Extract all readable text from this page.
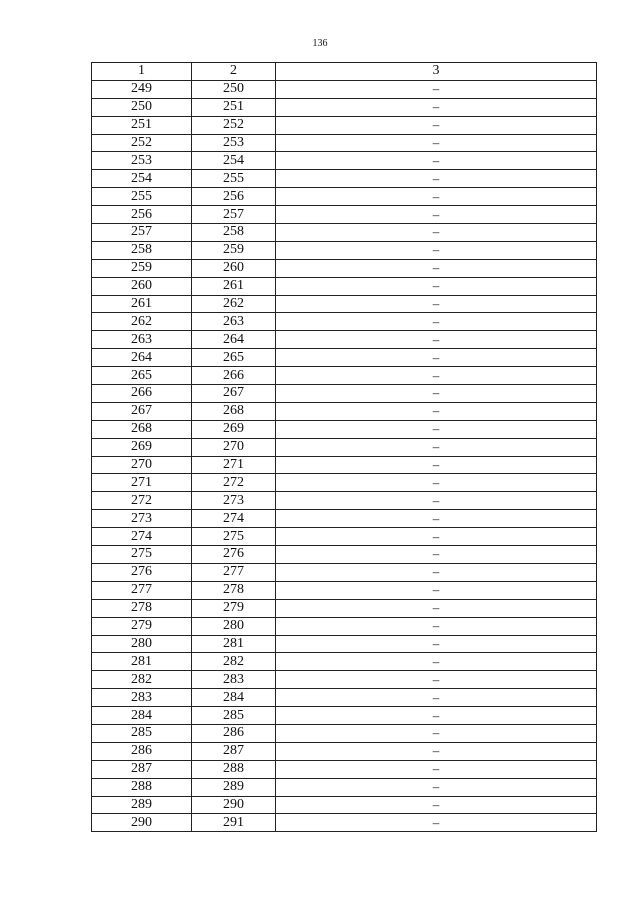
136
1	2	3
249	250	–
250	251	–
251	252	–
252	253	–
253	254	–
254	255	–
255	256	–
256	257	–
257	258	–
258	259	–
259	260	–
260	261	–
261	262	–
262	263	–
263	264	–
264	265	–
265	266	–
266	267	–
267	268	–
268	269	–
269	270	–
270	271	–
271	272	–
272	273	–
273	274	–
274	275	–
275	276	–
276	277	–
277	278	–
278	279	–
279	280	–
280	281	–
281	282	–
282	283	–
283	284	–
284	285	–
285	286	–
286	287	–
287	288	–
288	289	–
289	290	–
290	291	–
